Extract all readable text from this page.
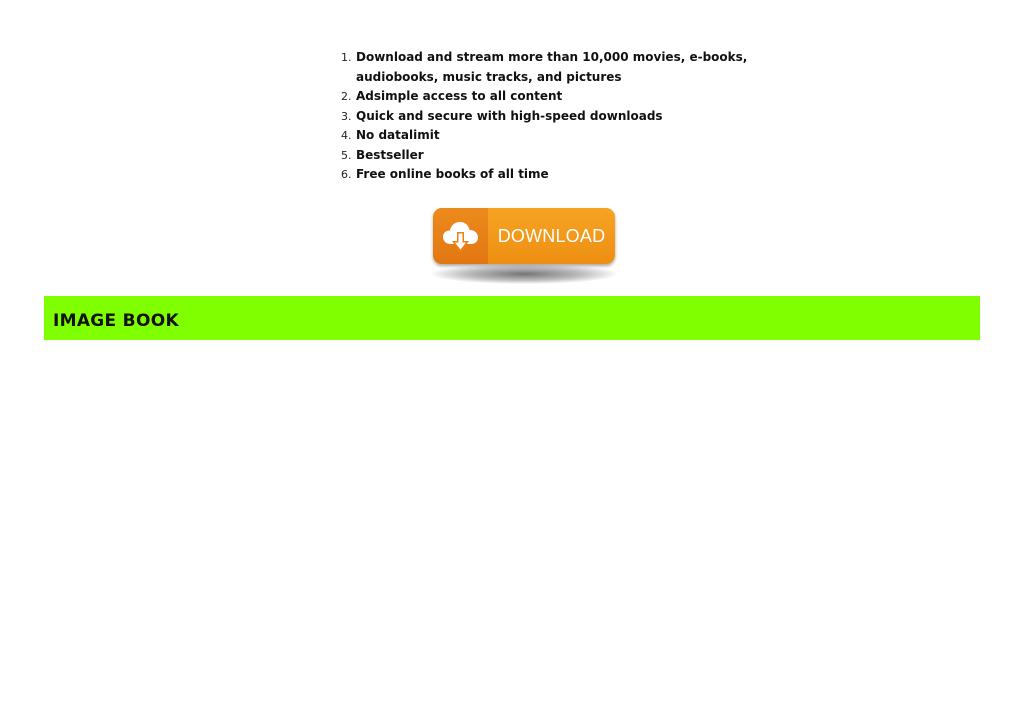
1. Download and stream more than 10,000 movies, e-books, audiobooks, music tracks, and pictures
2. Adsimple access to all content
3. Quick and secure with high-speed downloads
4. No datalimit
5. Bestseller
6. Free online books of all time
DOWNLOAD
IMAGE BOOK
